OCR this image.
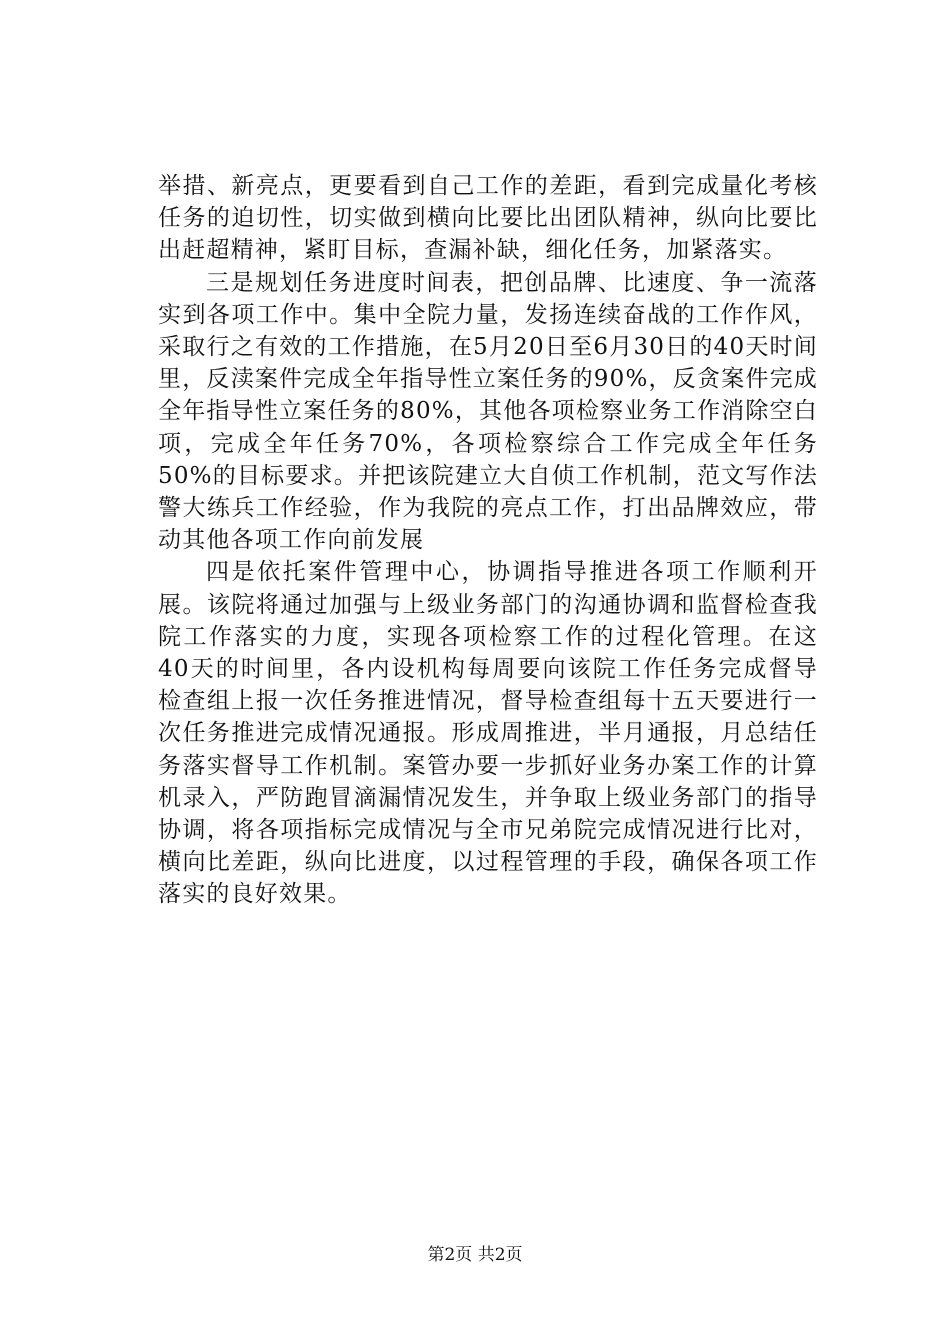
举措、新亮点，更要看到自己工作的差距，看到完成量化考核任务的迫切性，切实做到横向比要比出团队精神，纵向比要比出赶超精神，紧盯目标，查漏补缺，细化任务，加紧落实。

三是规划任务进度时间表，把创品牌、比速度、争一流落实到各项工作中。集中全院力量，发扬连续奋战的工作作风，采取行之有效的工作措施，在5月20日至6月30日的40天时间里，反渎案件完成全年指导性立案任务的90%，反贪案件完成全年指导性立案任务的80%，其他各项检察业务工作消除空白项，完成全年任务70%，各项检察综合工作完成全年任务50%的目标要求。并把该院建立大自侦工作机制，范文写作法警大练兵工作经验，作为我院的亮点工作，打出品牌效应，带动其他各项工作向前发展

四是依托案件管理中心，协调指导推进各项工作顺利开展。该院将通过加强与上级业务部门的沟通协调和监督检查我院工作落实的力度，实现各项检察工作的过程化管理。在这40天的时间里，各内设机构每周要向该院工作任务完成督导检查组上报一次任务推进情况，督导检查组每十五天要进行一次任务推进完成情况通报。形成周推进，半月通报，月总结任务落实督导工作机制。案管办要一步抓好业务办案工作的计算机录入，严防跑冒滴漏情况发生，并争取上级业务部门的指导协调，将各项指标完成情况与全市兄弟院完成情况进行比对，横向比差距，纵向比进度，以过程管理的手段，确保各项工作落实的良好效果。

第2页 共2页
